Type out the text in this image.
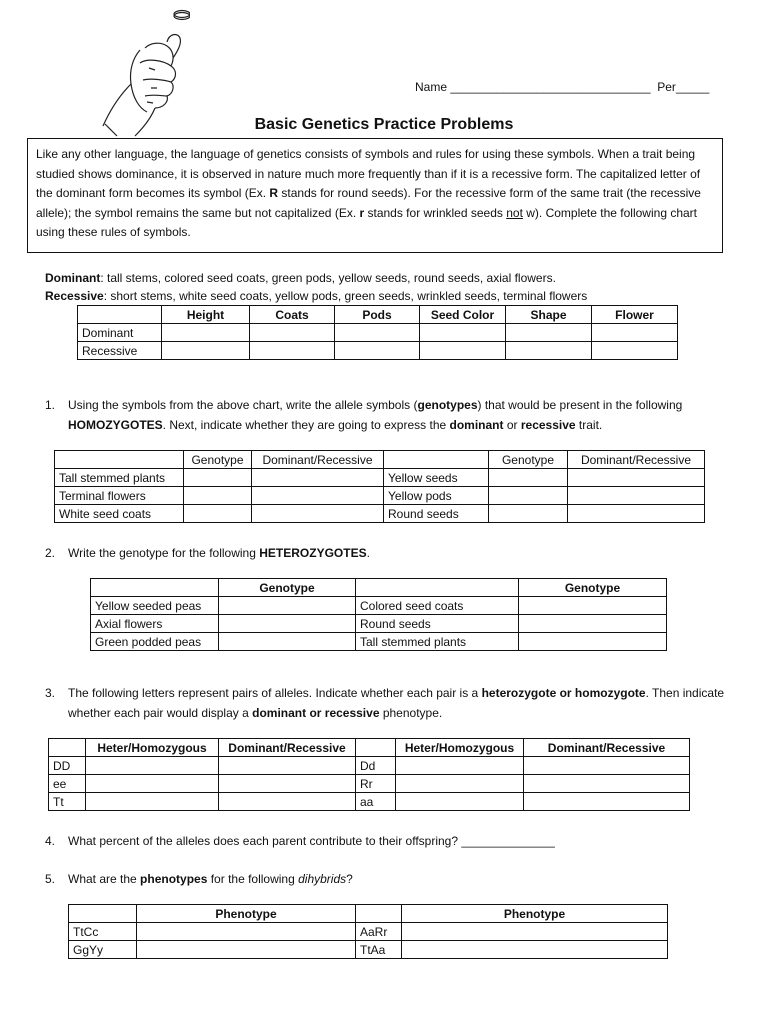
Name ______________________________ Per_____
Basic Genetics Practice Problems
Like any other language, the language of genetics consists of symbols and rules for using these symbols. When a trait being studied shows dominance, it is observed in nature much more frequently than if it is a recessive form. The capitalized letter of the dominant form becomes its symbol (Ex. R stands for round seeds). For the recessive form of the same trait (the recessive allele); the symbol remains the same but not capitalized (Ex. r stands for wrinkled seeds not w). Complete the following chart using these rules of symbols.
Dominant: tall stems, colored seed coats, green pods, yellow seeds, round seeds, axial flowers.
Recessive: short stems, white seed coats, yellow pods, green seeds, wrinkled seeds, terminal flowers
	Height	Coats	Pods	Seed Color	Shape	Flower
Dominant						
Recessive						
1. Using the symbols from the above chart, write the allele symbols (genotypes) that would be present in the following HOMOZYGOTES. Next, indicate whether they are going to express the dominant or recessive trait.
	Genotype	Dominant/Recessive		Genotype	Dominant/Recessive
Tall stemmed plants			Yellow seeds		
Terminal flowers			Yellow pods		
White seed coats			Round seeds		
2. Write the genotype for the following HETEROZYGOTES.
	Genotype		Genotype
Yellow seeded peas		Colored seed coats	
Axial flowers		Round seeds	
Green podded peas		Tall stemmed plants	
3. The following letters represent pairs of alleles. Indicate whether each pair is a heterozygote or homozygote. Then indicate whether each pair would display a dominant or recessive phenotype.
	Heter/Homozygous	Dominant/Recessive		Heter/Homozygous	Dominant/Recessive
DD			Dd		
ee			Rr		
Tt			aa		
4. What percent of the alleles does each parent contribute to their offspring? ______________
5. What are the phenotypes for the following dihybrids?
	Phenotype		Phenotype
TtCc		AaRr	
GgYy		TtAa	
